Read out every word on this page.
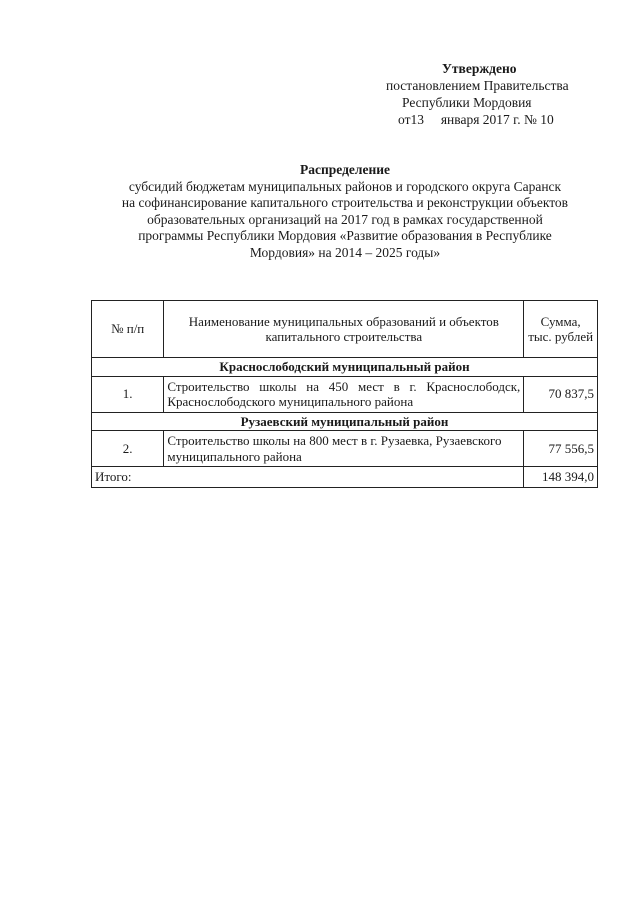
Утверждено
постановлением Правительства
Республики Мордовия
от13     января 2017 г. № 10
Распределение
субсидий бюджетам муниципальных районов и городского округа Саранск
на софинансирование капитального строительства и реконструкции объектов
образовательных организаций на 2017 год в рамках государственной
программы Республики Мордовия «Развитие образования в Республике
Мордовия» на 2014 – 2025 годы»
№ п/п	Наименование муниципальных образований и объектов капитального строительства	Сумма, тыс. рублей
Краснослободский муниципальный район		
1.	Строительство школы на 450 мест в г. Краснослободск, Краснослободского муниципального района	70 837,5
Рузаевский муниципальный район		
2.	Строительство школы на 800 мест в г. Рузаевка, Рузаевского муниципального района	77 556,5
Итого:		148 394,0
